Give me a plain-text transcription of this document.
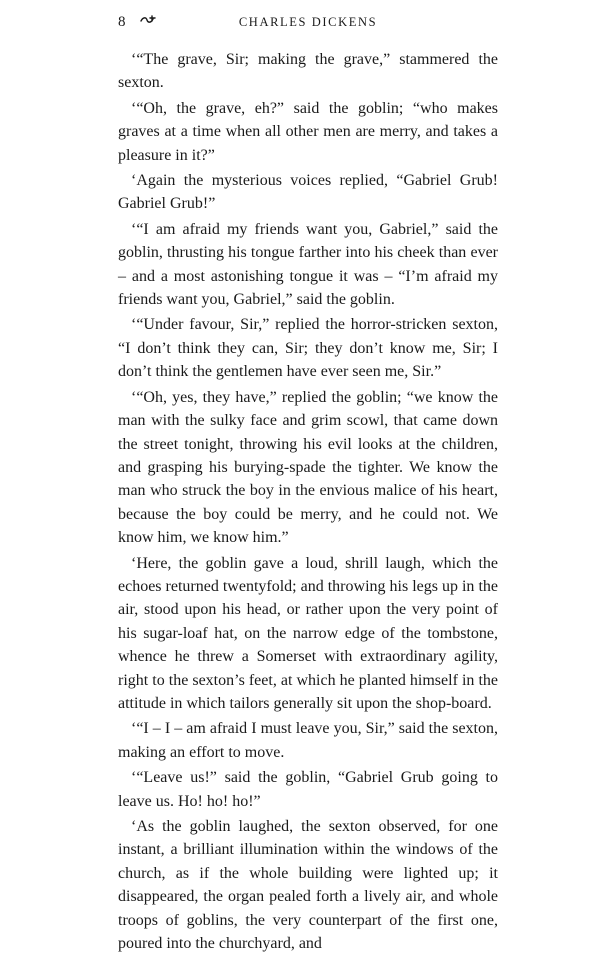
8	CHARLES DICKENS

‘“The grave, Sir; making the grave,” stammered the sexton.

‘“Oh, the grave, eh?” said the goblin; “who makes graves at a time when all other men are merry, and takes a pleasure in it?”

‘Again the mysterious voices replied, “Gabriel Grub! Gabriel Grub!”

‘“I am afraid my friends want you, Gabriel,” said the goblin, thrusting his tongue farther into his cheek than ever – and a most astonishing tongue it was – “I’m afraid my friends want you, Gabriel,” said the goblin.

‘“Under favour, Sir,” replied the horror-stricken sexton, “I don’t think they can, Sir; they don’t know me, Sir; I don’t think the gentlemen have ever seen me, Sir.”

‘“Oh, yes, they have,” replied the goblin; “we know the man with the sulky face and grim scowl, that came down the street tonight, throwing his evil looks at the children, and grasping his burying-spade the tighter. We know the man who struck the boy in the envious malice of his heart, because the boy could be merry, and he could not. We know him, we know him.”

‘Here, the goblin gave a loud, shrill laugh, which the echoes returned twentyfold; and throwing his legs up in the air, stood upon his head, or rather upon the very point of his sugar-loaf hat, on the narrow edge of the tombstone, whence he threw a Somerset with extraordinary agility, right to the sexton’s feet, at which he planted himself in the attitude in which tailors generally sit upon the shop-board.

‘“I – I – am afraid I must leave you, Sir,” said the sexton, making an effort to move.

‘“Leave us!” said the goblin, “Gabriel Grub going to leave us. Ho! ho! ho!”

‘As the goblin laughed, the sexton observed, for one instant, a brilliant illumination within the windows of the church, as if the whole building were lighted up; it disappeared, the organ pealed forth a lively air, and whole troops of goblins, the very counterpart of the first one, poured into the churchyard, and
